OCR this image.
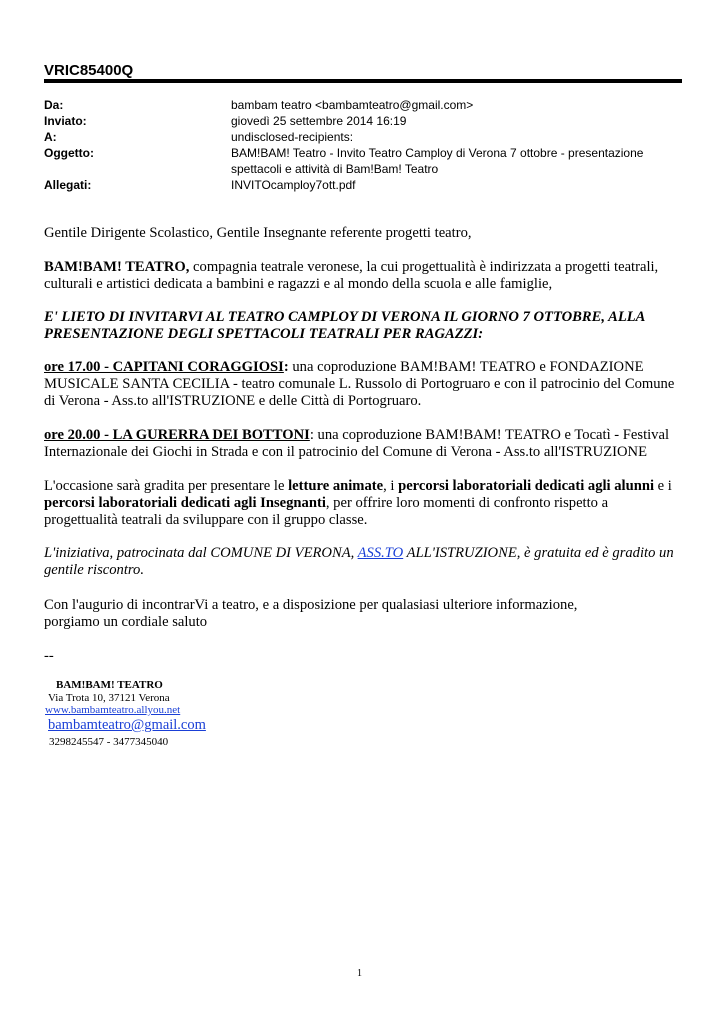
VRIC85400Q
Da:	bambam teatro <bambamteatro@gmail.com>
Inviato:	giovedì 25 settembre 2014 16:19
A:	undisclosed-recipients:
Oggetto:	BAM!BAM! Teatro - Invito Teatro Camploy di Verona 7 ottobre - presentazione spettacoli e attività di Bam!Bam! Teatro
Allegati:	INVITOcamploy7ott.pdf

Gentile Dirigente Scolastico, Gentile Insegnante referente progetti teatro,

BAM!BAM! TEATRO, compagnia teatrale veronese, la cui progettualità è indirizzata a progetti teatrali, culturali e artistici dedicata a bambini e ragazzi e al mondo della scuola e alle famiglie,

E' LIETO DI INVITARVI AL TEATRO CAMPLOY DI VERONA IL GIORNO 7 OTTOBRE, ALLA PRESENTAZIONE DEGLI SPETTACOLI TEATRALI PER RAGAZZI:

ore 17.00 - CAPITANI CORAGGIOSI: una coproduzione BAM!BAM! TEATRO e FONDAZIONE MUSICALE SANTA CECILIA - teatro comunale L. Russolo di Portogruaro e con il patrocinio del Comune di Verona - Ass.to all'ISTRUZIONE e delle Città di Portogruaro.

ore 20.00 - LA GURERRA DEI BOTTONI: una coproduzione BAM!BAM! TEATRO e Tocatì - Festival Internazionale dei Giochi in Strada e con il patrocinio del Comune di Verona - Ass.to all'ISTRUZIONE

L'occasione sarà gradita per presentare le letture animate, i percorsi laboratoriali dedicati agli alunni e i percorsi laboratoriali dedicati agli Insegnanti, per offrire loro momenti di confronto rispetto a progettualità teatrali da sviluppare con il gruppo classe.

L'iniziativa, patrocinata dal COMUNE DI VERONA, ASS.TO ALL'ISTRUZIONE, è gratuita ed è gradito un gentile riscontro.

Con l'augurio di incontrarVi a teatro, e a disposizione per qualasiasi ulteriore informazione,

porgiamo un cordiale saluto

--

BAM!BAM! TEATRO
Via Trota 10, 37121 Verona
www.bambamteatro.allyou.net
bambamteatro@gmail.com
3298245547 - 3477345040
1
